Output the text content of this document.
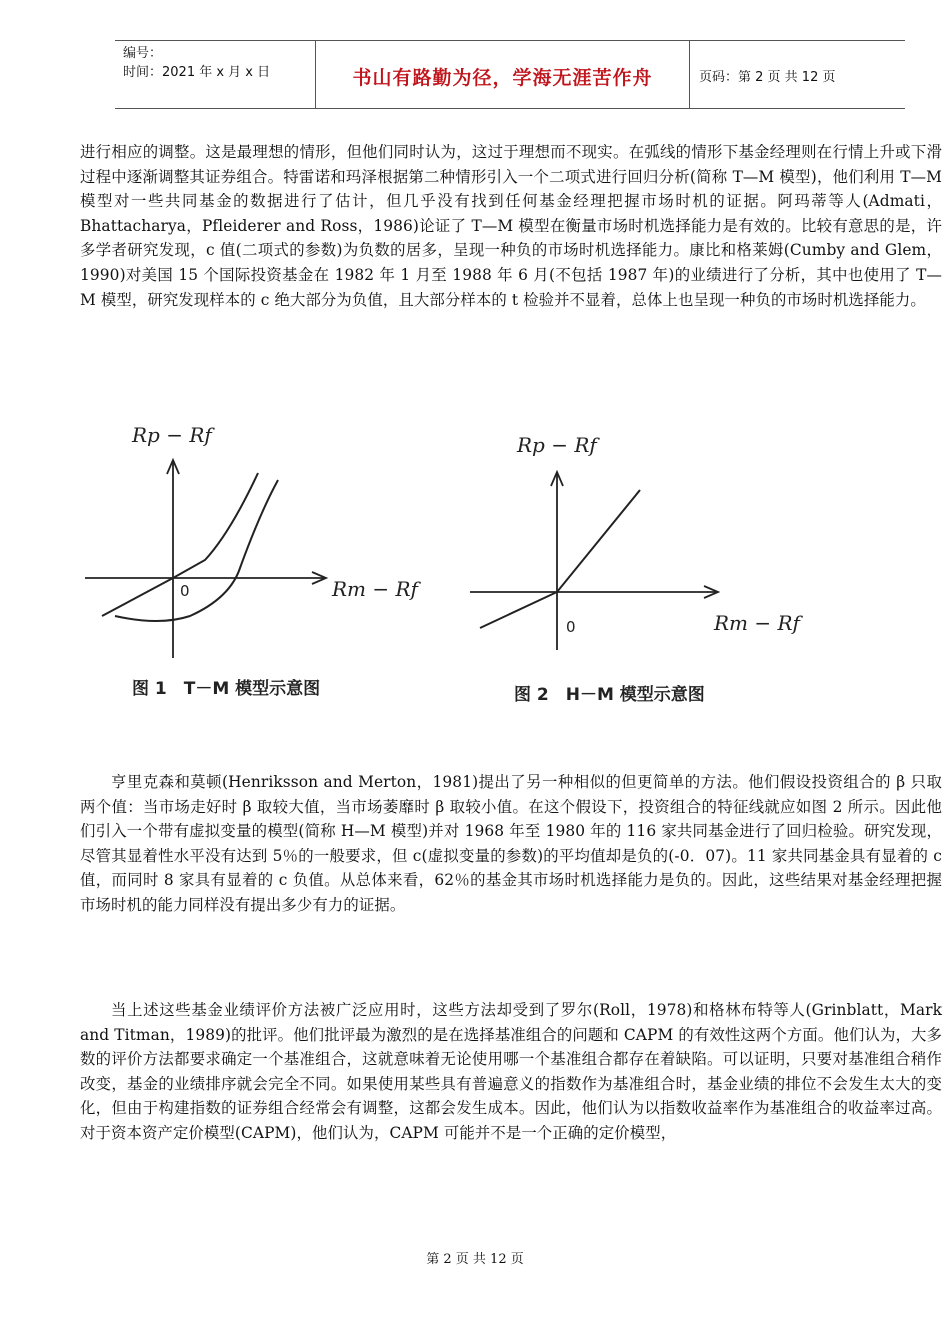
编号：
时间：2021 年 x 月 x 日	书山有路勤为径，学海无涯苦作舟	页码：第 2 页 共 12 页

进行相应的调整。这是最理想的情形，但他们同时认为，这过于理想而不现实。在弧线的情形下基金经理则在行情上升或下滑过程中逐渐调整其证券组合。特雷诺和玛泽根据第二种情形引入一个二项式进行回归分析(简称 T—M 模型)，他们利用 T—M 模型对一些共同基金的数据进行了估计，但几乎没有找到任何基金经理把握市场时机的证据。阿玛蒂等人(Admati，Bhattacharya，Pfleiderer and Ross，1986)论证了 T—M 模型在衡量市场时机选择能力是有效的。比较有意思的是，许多学者研究发现，c 值(二项式的参数)为负数的居多，呈现一种负的市场时机选择能力。康比和格莱姆(Cumby and Glem，1990)对美国 15 个国际投资基金在 1982 年 1 月至 1988 年 6 月(不包括 1987 年)的业绩进行了分析，其中也使用了 T—M 模型，研究发现样本的 c 绝大部分为负值，且大部分样本的 t 检验并不显着，总体上也呈现一种负的市场时机选择能力。

Rp − Rf
0	Rm − Rf
图 1　T－M 模型示意图
Rp − Rf
0	Rm − Rf
图 2　H－M 模型示意图

亨里克森和莫顿(Henriksson and Merton，1981)提出了另一种相似的但更简单的方法。他们假设投资组合的 β 只取两个值：当市场走好时 β 取较大值，当市场萎靡时 β 取较小值。在这个假设下，投资组合的特征线就应如图 2 所示。因此他们引入一个带有虚拟变量的模型(简称 H—M 模型)并对 1968 年至 1980 年的 116 家共同基金进行了回归检验。研究发现，尽管其显着性水平没有达到 5％的一般要求，但 c(虚拟变量的参数)的平均值却是负的(-0．07)。11 家共同基金具有显着的 c 值，而同时 8 家具有显着的 c 负值。从总体来看，62％的基金其市场时机选择能力是负的。因此，这些结果对基金经理把握市场时机的能力同样没有提出多少有力的证据。

当上述这些基金业绩评价方法被广泛应用时，这些方法却受到了罗尔(Roll，1978)和格林布特等人(Grinblatt，Mark and Titman，1989)的批评。他们批评最为激烈的是在选择基准组合的问题和 CAPM 的有效性这两个方面。他们认为，大多数的评价方法都要求确定一个基准组合，这就意味着无论使用哪一个基准组合都存在着缺陷。可以证明，只要对基准组合稍作改变，基金的业绩排序就会完全不同。如果使用某些具有普遍意义的指数作为基准组合时，基金业绩的排位不会发生太大的变化，但由于构建指数的证券组合经常会有调整，这都会发生成本。因此，他们认为以指数收益率作为基准组合的收益率过高。对于资本资产定价模型(CAPM)，他们认为，CAPM 可能并不是一个正确的定价模型，

第 2 页 共 12 页
